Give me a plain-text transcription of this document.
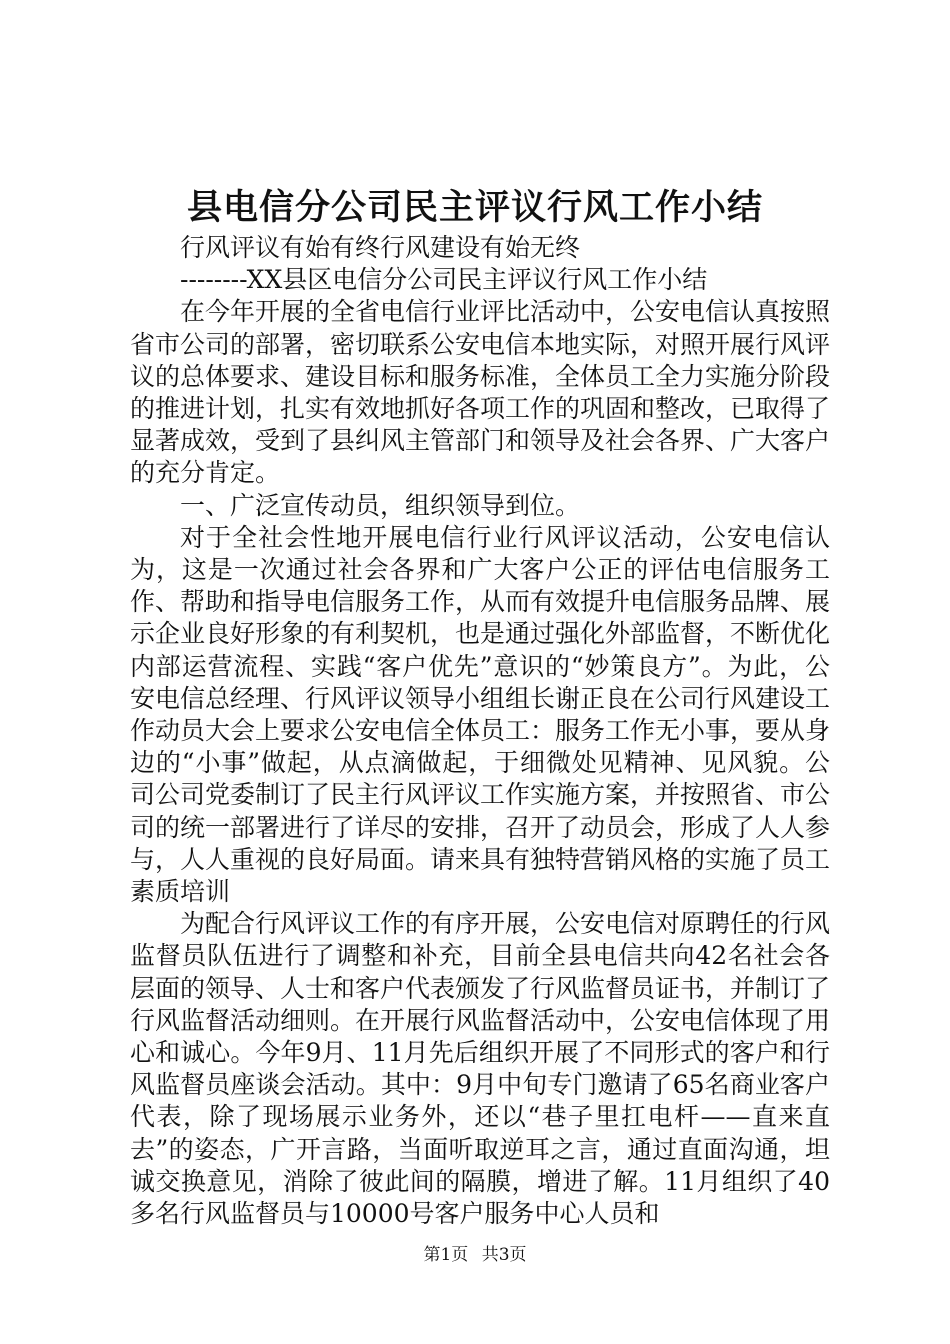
县电信分公司民主评议行风工作小结

行风评议有始有终行风建设有始无终

--------XX县区电信分公司民主评议行风工作小结

在今年开展的全省电信行业评比活动中，公安电信认真按照省市公司的部署，密切联系公安电信本地实际，对照开展行风评议的总体要求、建设目标和服务标准，全体员工全力实施分阶段的推进计划，扎实有效地抓好各项工作的巩固和整改，已取得了显著成效，受到了县纠风主管部门和领导及社会各界、广大客户的充分肯定。

一、广泛宣传动员，组织领导到位。

对于全社会性地开展电信行业行风评议活动，公安电信认为，这是一次通过社会各界和广大客户公正的评估电信服务工作、帮助和指导电信服务工作，从而有效提升电信服务品牌、展示企业良好形象的有利契机，也是通过强化外部监督，不断优化内部运营流程、实践“客户优先”意识的“妙策良方”。为此，公安电信总经理、行风评议领导小组组长谢正良在公司行风建设工作动员大会上要求公安电信全体员工：服务工作无小事，要从身边的“小事”做起，从点滴做起，于细微处见精神、见风貌。公司公司党委制订了民主行风评议工作实施方案，并按照省、市公司的统一部署进行了详尽的安排，召开了动员会，形成了人人参与，人人重视的良好局面。请来具有独特营销风格的实施了员工素质培训

为配合行风评议工作的有序开展，公安电信对原聘任的行风监督员队伍进行了调整和补充，目前全县电信共向42名社会各层面的领导、人士和客户代表颁发了行风监督员证书，并制订了行风监督活动细则。在开展行风监督活动中，公安电信体现了用心和诚心。今年9月、11月先后组织开展了不同形式的客户和行风监督员座谈会活动。其中：9月中旬专门邀请了65名商业客户代表，除了现场展示业务外，还以“巷子里扛电杆——直来直去”的姿态，广开言路，当面听取逆耳之言，通过直面沟通，坦诚交换意见，消除了彼此间的隔膜，增进了解。11月组织了40多名行风监督员与10000号客户服务中心人员和

第1页 共3页
